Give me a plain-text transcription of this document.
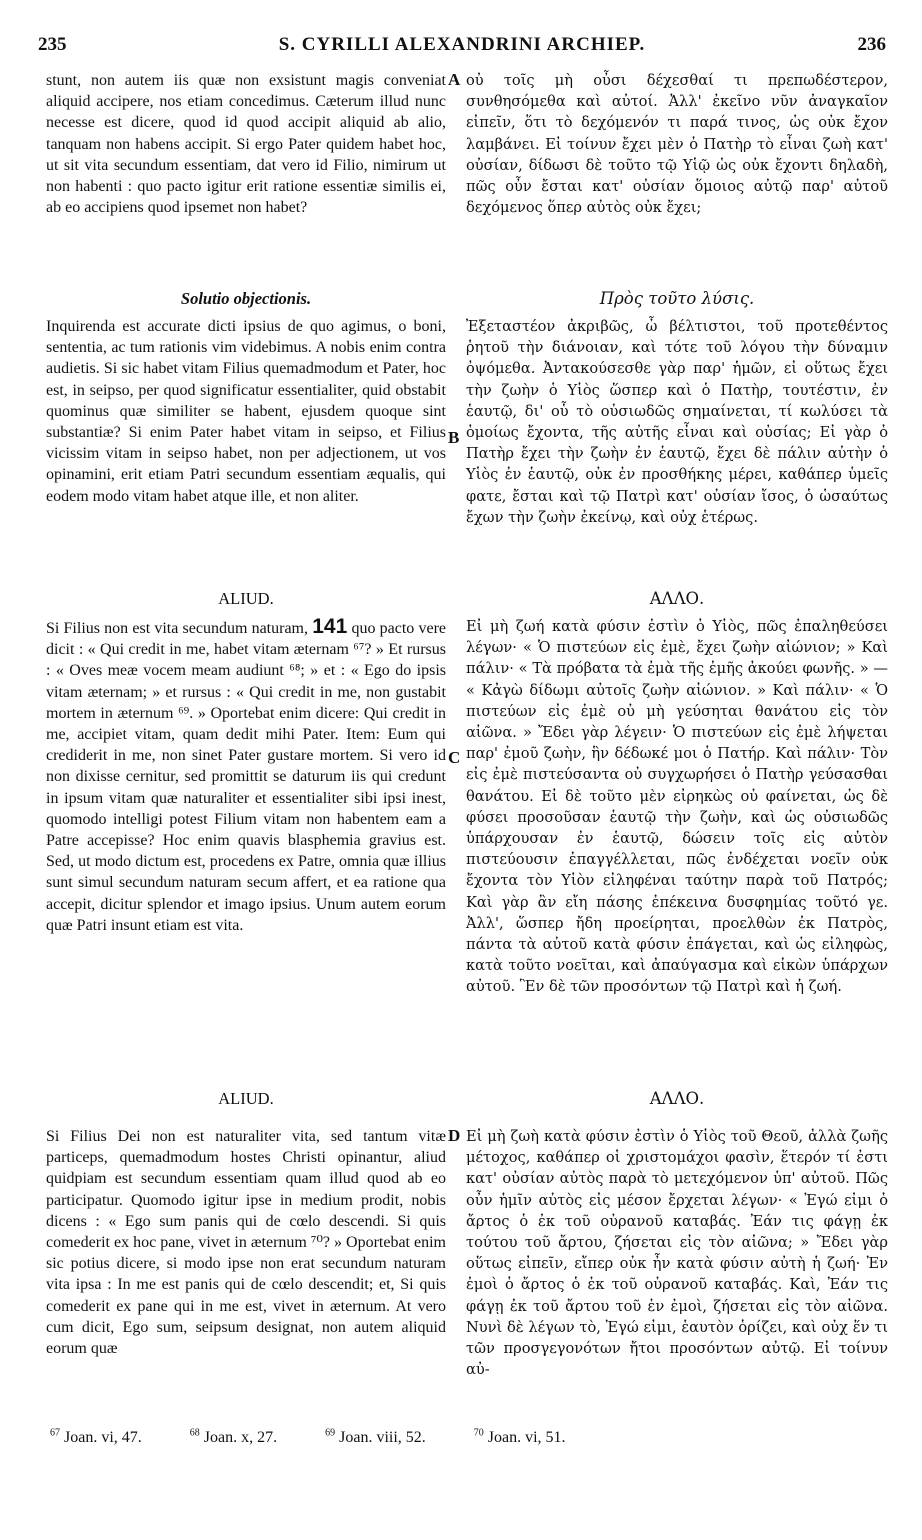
235	S. CYRILLI ALEXANDRINI ARCHIEP.	236

stunt, non autem iis quæ non exsistunt magis conveniat aliquid accipere, nos etiam concedimus. Cæterum illud nunc necesse est dicere, quod id quod accipit aliquid ab alio, tanquam non habens accipit. Si ergo Pater quidem habet hoc, ut sit vita secundum essentiam, dat vero id Filio, nimirum ut non habenti : quo pacto igitur erit ratione essentiæ similis ei, ab eo accipiens quod ipsemet non habet?

Solutio objectionis.

Inquirenda est accurate dicti ipsius de quo agimus, o boni, sententia, ac tum rationis vim videbimus. A nobis enim contra audietis. Si sic habet vitam Filius quemadmodum et Pater, hoc est, in seipso, per quod significatur essentialiter, quid obstabit quominus quæ similiter se habent, ejusdem quoque sint substantiæ? Si enim Pater habet vitam in seipso, et Filius vicissim vitam in seipso habet, non per adjectionem, ut vos opinamini, erit etiam Patri secundum essentiam æqualis, qui eodem modo vitam habet atque ille, et non aliter.

ALIUD.

Si Filius non est vita secundum naturam, 141 quo pacto vere dicit : « Qui credit in me, habet vitam æternam ⁶⁷? » Et rursus : « Oves meæ vocem meam audiunt ⁶⁸; » et : « Ego do ipsis vitam æternam; » et rursus : « Qui credit in me, non gustabit mortem in æternum ⁶⁹. » Oportebat enim dicere: Qui credit in me, accipiet vitam, quam dedit mihi Pater. Item: Eum qui crediderit in me, non sinet Pater gustare mortem. Si vero id non dixisse cernitur, sed promittit se daturum iis qui credunt in ipsum vitam quæ naturaliter et essentialiter sibi ipsi inest, quomodo intelligi potest Filium vitam non habentem eam a Patre accepisse? Hoc enim quavis blasphemia gravius est. Sed, ut modo dictum est, procedens ex Patre, omnia quæ illius sunt simul secundum naturam secum affert, et ea ratione qua accepit, dicitur splendor et imago ipsius. Unum autem eorum quæ Patri insunt etiam est vita.

ALIUD.

Si Filius Dei non est naturaliter vita, sed tantum vitæ particeps, quemadmodum hostes Christi opinantur, aliud quidpiam est secundum essentiam quam illud quod ab eo participatur. Quomodo igitur ipse in medium prodit, nobis dicens : « Ego sum panis qui de cœlo descendi. Si quis comederit ex hoc pane, vivet in æternum ⁷⁰? » Oportebat enim sic potius dicere, si modo ipse non erat secundum naturam vita ipsa : In me est panis qui de cœlo descendit; et, Si quis comederit ex pane qui in me est, vivet in æternum. At vero cum dicit, Ego sum, seipsum designat, non autem aliquid eorum quæ

A
B
C
D

οὐ τοῖς μὴ οὖσι δέχεσθαί τι πρεπωδέστερον, συνθησόμεθα καὶ αὐτοί. Ἀλλ' ἐκεῖνο νῦν ἀναγκαῖον εἰπεῖν, ὅτι τὸ δεχόμενόν τι παρά τινος, ὡς οὐκ ἔχον λαμβάνει. Εἰ τοίνυν ἔχει μὲν ὁ Πατὴρ τὸ εἶναι ζωὴ κατ' οὐσίαν, δίδωσι δὲ τοῦτο τῷ Υἱῷ ὡς οὐκ ἔχοντι δηλαδὴ, πῶς οὖν ἔσται κατ' οὐσίαν ὅμοιος αὐτῷ παρ' αὐτοῦ δεχόμενος ὅπερ αὐτὸς οὐκ ἔχει;

Πρὸς τοῦτο λύσις.

Ἐξεταστέον ἀκριβῶς, ὦ βέλτιστοι, τοῦ προτεθέντος ῥητοῦ τὴν διάνοιαν, καὶ τότε τοῦ λόγου τὴν δύναμιν ὀψόμεθα. Ἀντακούσεσθε γὰρ παρ' ἡμῶν, εἰ οὕτως ἔχει τὴν ζωὴν ὁ Υἱὸς ὥσπερ καὶ ὁ Πατὴρ, τουτέστιν, ἐν ἑαυτῷ, δι' οὗ τὸ οὐσιωδῶς σημαίνεται, τί κωλύσει τὰ ὁμοίως ἔχοντα, τῆς αὐτῆς εἶναι καὶ οὐσίας; Εἰ γὰρ ὁ Πατὴρ ἔχει τὴν ζωὴν ἐν ἑαυτῷ, ἔχει δὲ πάλιν αὐτὴν ὁ Υἱὸς ἐν ἑαυτῷ, οὐκ ἐν προσθήκης μέρει, καθάπερ ὑμεῖς φατε, ἔσται καὶ τῷ Πατρὶ κατ' οὐσίαν ἴσος, ὁ ὡσαύτως ἔχων τὴν ζωὴν ἐκείνῳ, καὶ οὐχ ἑτέρως.

ΑΛΛΟ.

Εἰ μὴ ζωή κατὰ φύσιν ἐστὶν ὁ Υἱὸς, πῶς ἐπαληθεύσει λέγων· « Ὁ πιστεύων εἰς ἐμὲ, ἔχει ζωὴν αἰώνιον; » Καὶ πάλιν· « Τὰ πρόβατα τὰ ἐμὰ τῆς ἐμῆς ἀκούει φωνῆς. » — « Κἀγὼ δίδωμι αὐτοῖς ζωὴν αἰώνιον. » Καὶ πάλιν· « Ὁ πιστεύων εἰς ἐμὲ οὐ μὴ γεύσηται θανάτου εἰς τὸν αἰῶνα. » Ἔδει γὰρ λέγειν· Ὁ πιστεύων εἰς ἐμὲ λήψεται παρ' ἐμοῦ ζωὴν, ἣν δέδωκέ μοι ὁ Πατήρ. Καὶ πάλιν· Τὸν εἰς ἐμὲ πιστεύσαντα οὐ συγχωρήσει ὁ Πατὴρ γεύσασθαι θανάτου. Εἰ δὲ τοῦτο μὲν εἰρηκὼς οὐ φαίνεται, ὡς δὲ φύσει προσοῦσαν ἑαυτῷ τὴν ζωὴν, καὶ ὡς οὐσιωδῶς ὑπάρχουσαν ἐν ἑαυτῷ, δώσειν τοῖς εἰς αὐτὸν πιστεύουσιν ἐπαγγέλλεται, πῶς ἐνδέχεται νοεῖν οὐκ ἔχοντα τὸν Υἱὸν εἰληφέναι ταύτην παρὰ τοῦ Πατρός; Καὶ γὰρ ἂν εἴη πάσης ἐπέκεινα δυσφημίας τοῦτό γε. Ἀλλ', ὥσπερ ἤδη προείρηται, προελθὼν ἐκ Πατρὸς, πάντα τὰ αὐτοῦ κατὰ φύσιν ἐπάγεται, καὶ ὡς εἰληφὼς, κατὰ τοῦτο νοεῖται, καὶ ἀπαύγασμα καὶ εἰκὼν ὑπάρχων αὐτοῦ. Ἓν δὲ τῶν προσόντων τῷ Πατρὶ καὶ ἡ ζωή.

ΑΛΛΟ.

Εἰ μὴ ζωὴ κατὰ φύσιν ἐστὶν ὁ Υἱὸς τοῦ Θεοῦ, ἀλλὰ ζωῆς μέτοχος, καθάπερ οἱ χριστομάχοι φασὶν, ἕτερόν τί ἐστι κατ' οὐσίαν αὐτὸς παρὰ τὸ μετεχόμενον ὑπ' αὐτοῦ. Πῶς οὖν ἡμῖν αὐτὸς εἰς μέσον ἔρχεται λέγων· « Ἐγώ εἰμι ὁ ἄρτος ὁ ἐκ τοῦ οὐρανοῦ καταβάς. Ἐάν τις φάγῃ ἐκ τούτου τοῦ ἄρτου, ζήσεται εἰς τὸν αἰῶνα; » Ἔδει γὰρ οὕτως εἰπεῖν, εἴπερ οὐκ ἦν κατὰ φύσιν αὐτὴ ἡ ζωή· Ἐν ἐμοὶ ὁ ἄρτος ὁ ἐκ τοῦ οὐρανοῦ καταβάς. Καὶ, Ἐάν τις φάγῃ ἐκ τοῦ ἄρτου τοῦ ἐν ἐμοὶ, ζήσεται εἰς τὸν αἰῶνα. Νυνὶ δὲ λέγων τὸ, Ἐγώ εἰμι, ἑαυτὸν ὁρίζει, καὶ οὐχ ἕν τι τῶν προσγεγονότων ἤτοι προσόντων αὐτῷ. Εἰ τοίνυν αὐ-

$^{67}$ Joan. vi, 47.	$^{68}$ Joan. x, 27.	$^{69}$ Joan. viii, 52.	$^{70}$ Joan. vi, 51.
